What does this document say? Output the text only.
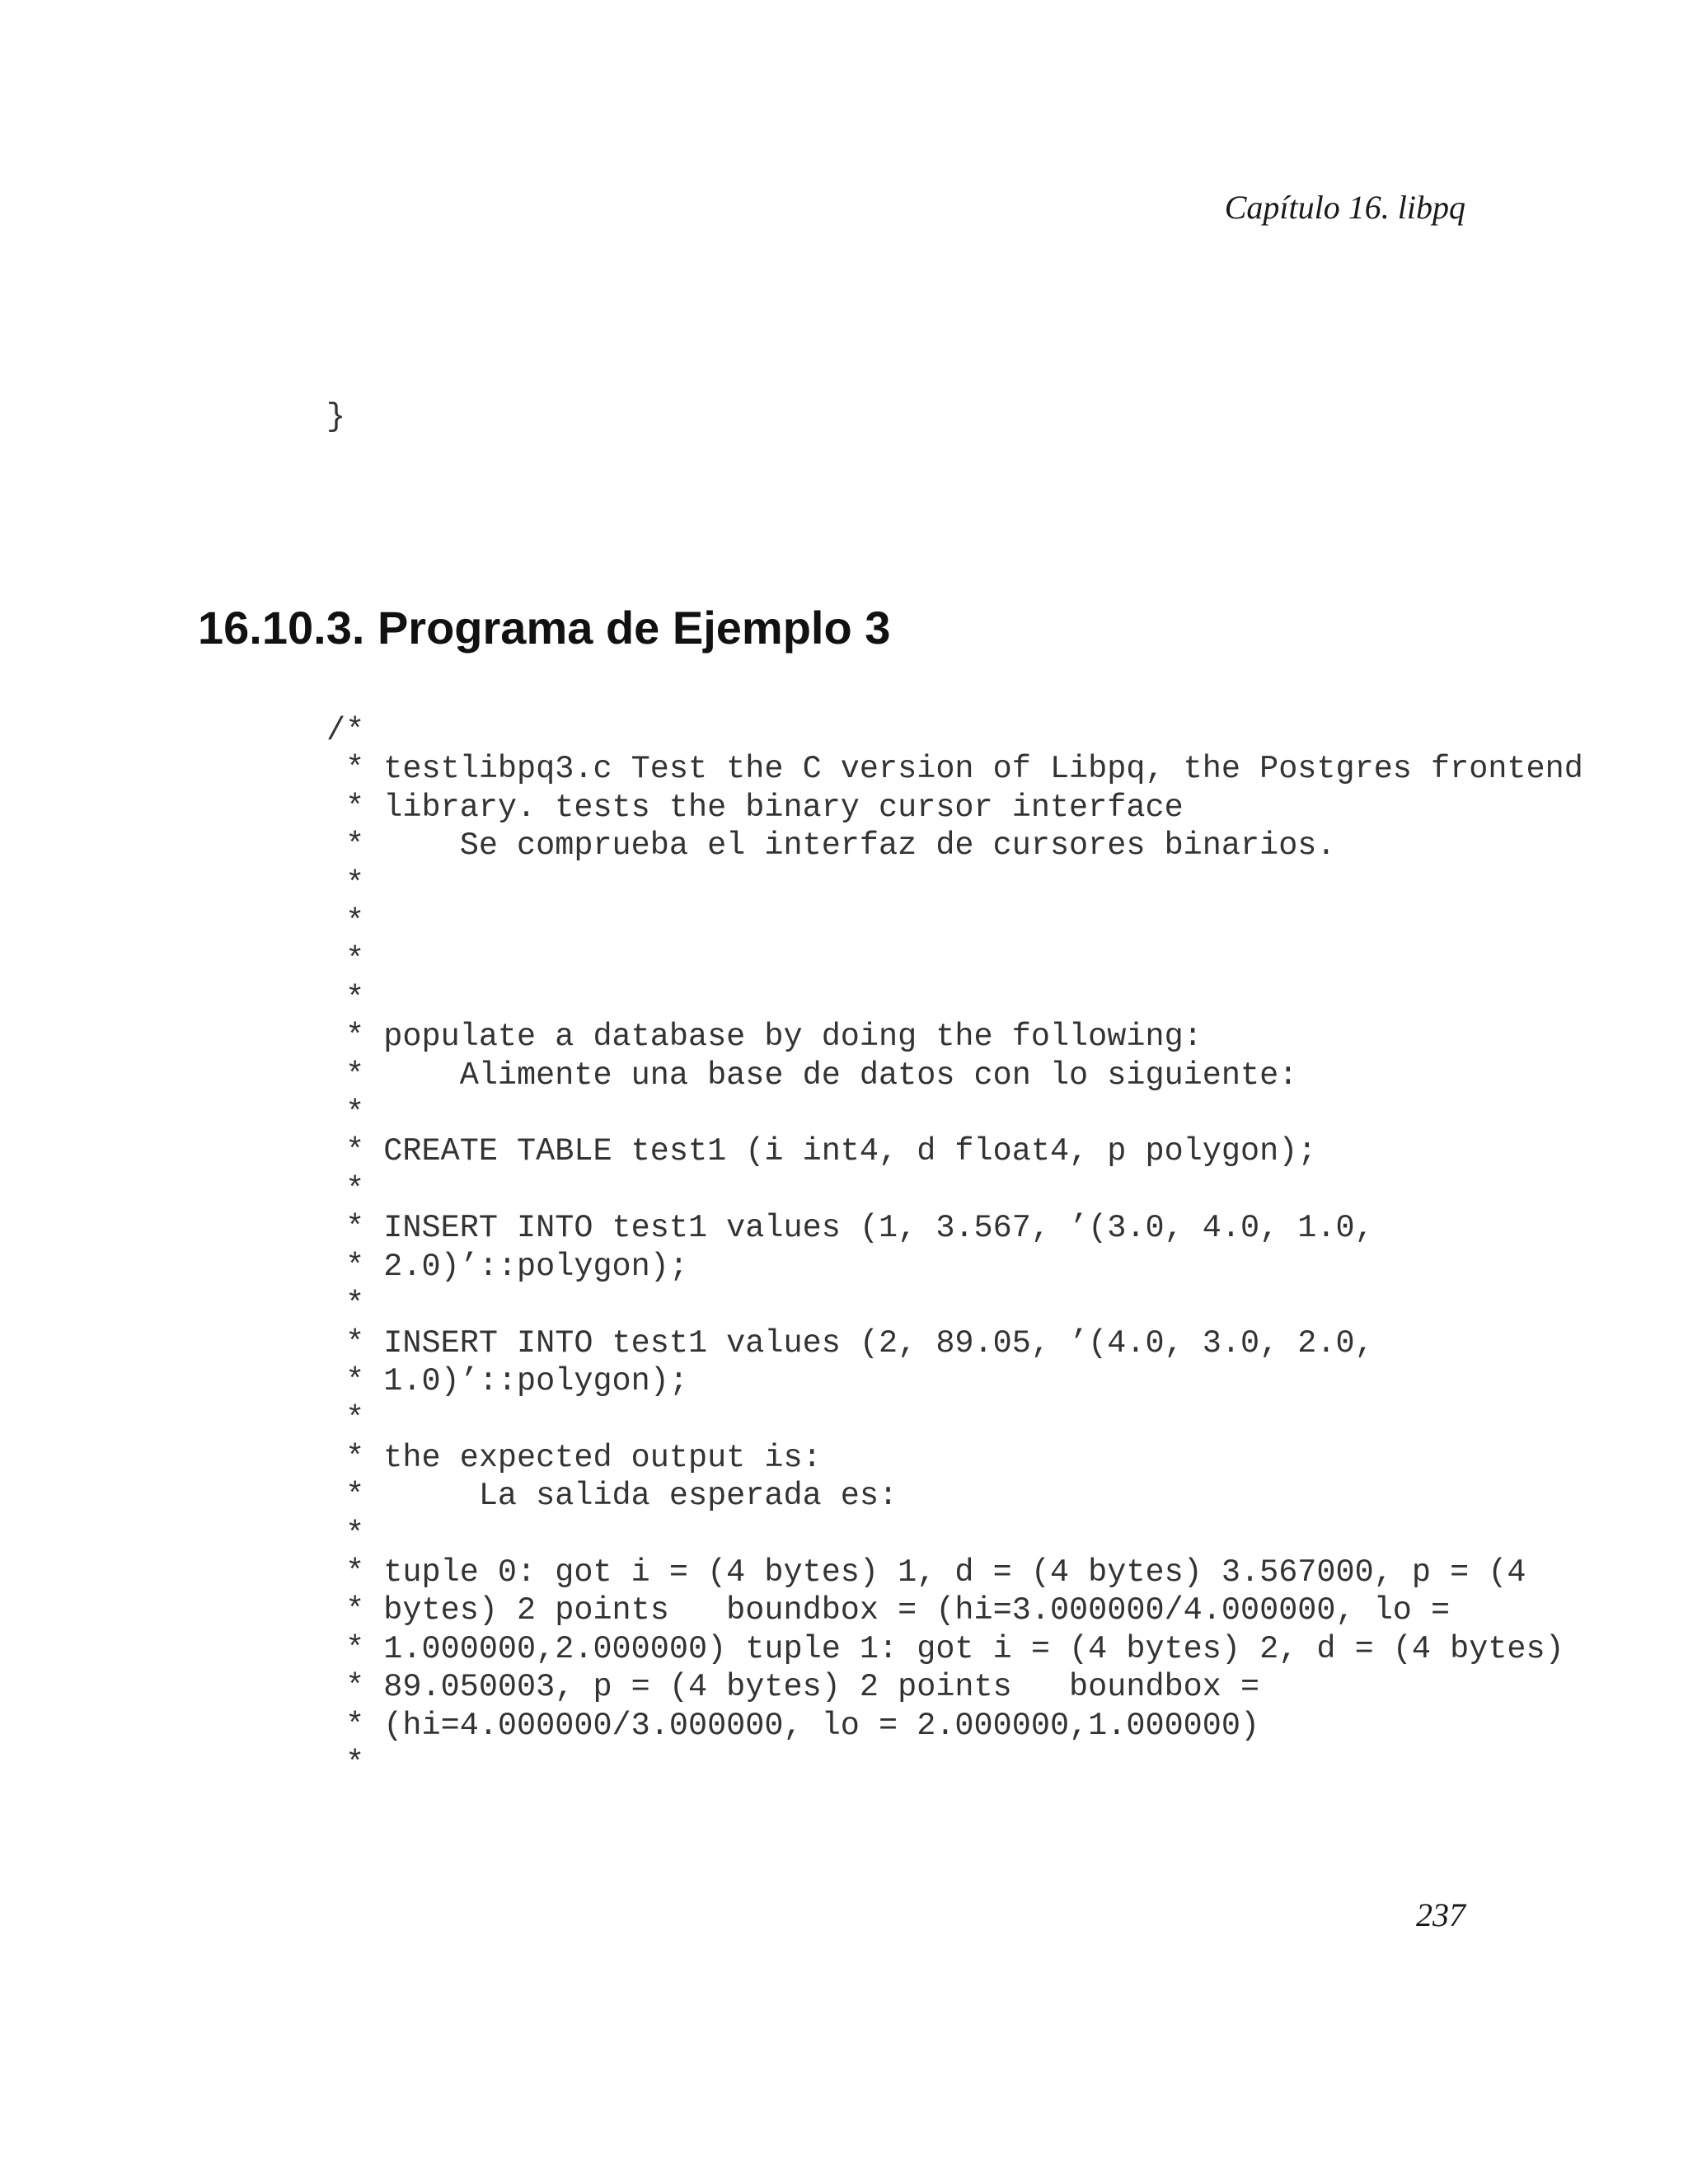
Capítulo 16. libpq

}
16.10.3. Programa de Ejemplo 3
/*
* testlibpq3.c Test the C version of Libpq, the Postgres frontend
* library. tests the binary cursor interface
*     Se comprueba el interfaz de cursores binarios.
*
*
*
*
* populate a database by doing the following:
*     Alimente una base de datos con lo siguiente:
*
* CREATE TABLE test1 (i int4, d float4, p polygon);
*
* INSERT INTO test1 values (1, 3.567, ’(3.0, 4.0, 1.0,
* 2.0)’::polygon);
*
* INSERT INTO test1 values (2, 89.05, ’(4.0, 3.0, 2.0,
* 1.0)’::polygon);
*
* the expected output is:
*      La salida esperada es:
*
* tuple 0: got i = (4 bytes) 1, d = (4 bytes) 3.567000, p = (4
* bytes) 2 points   boundbox = (hi=3.000000/4.000000, lo =
* 1.000000,2.000000) tuple 1: got i = (4 bytes) 2, d = (4 bytes)
* 89.050003, p = (4 bytes) 2 points   boundbox =
* (hi=4.000000/3.000000, lo = 2.000000,1.000000)
*

237
